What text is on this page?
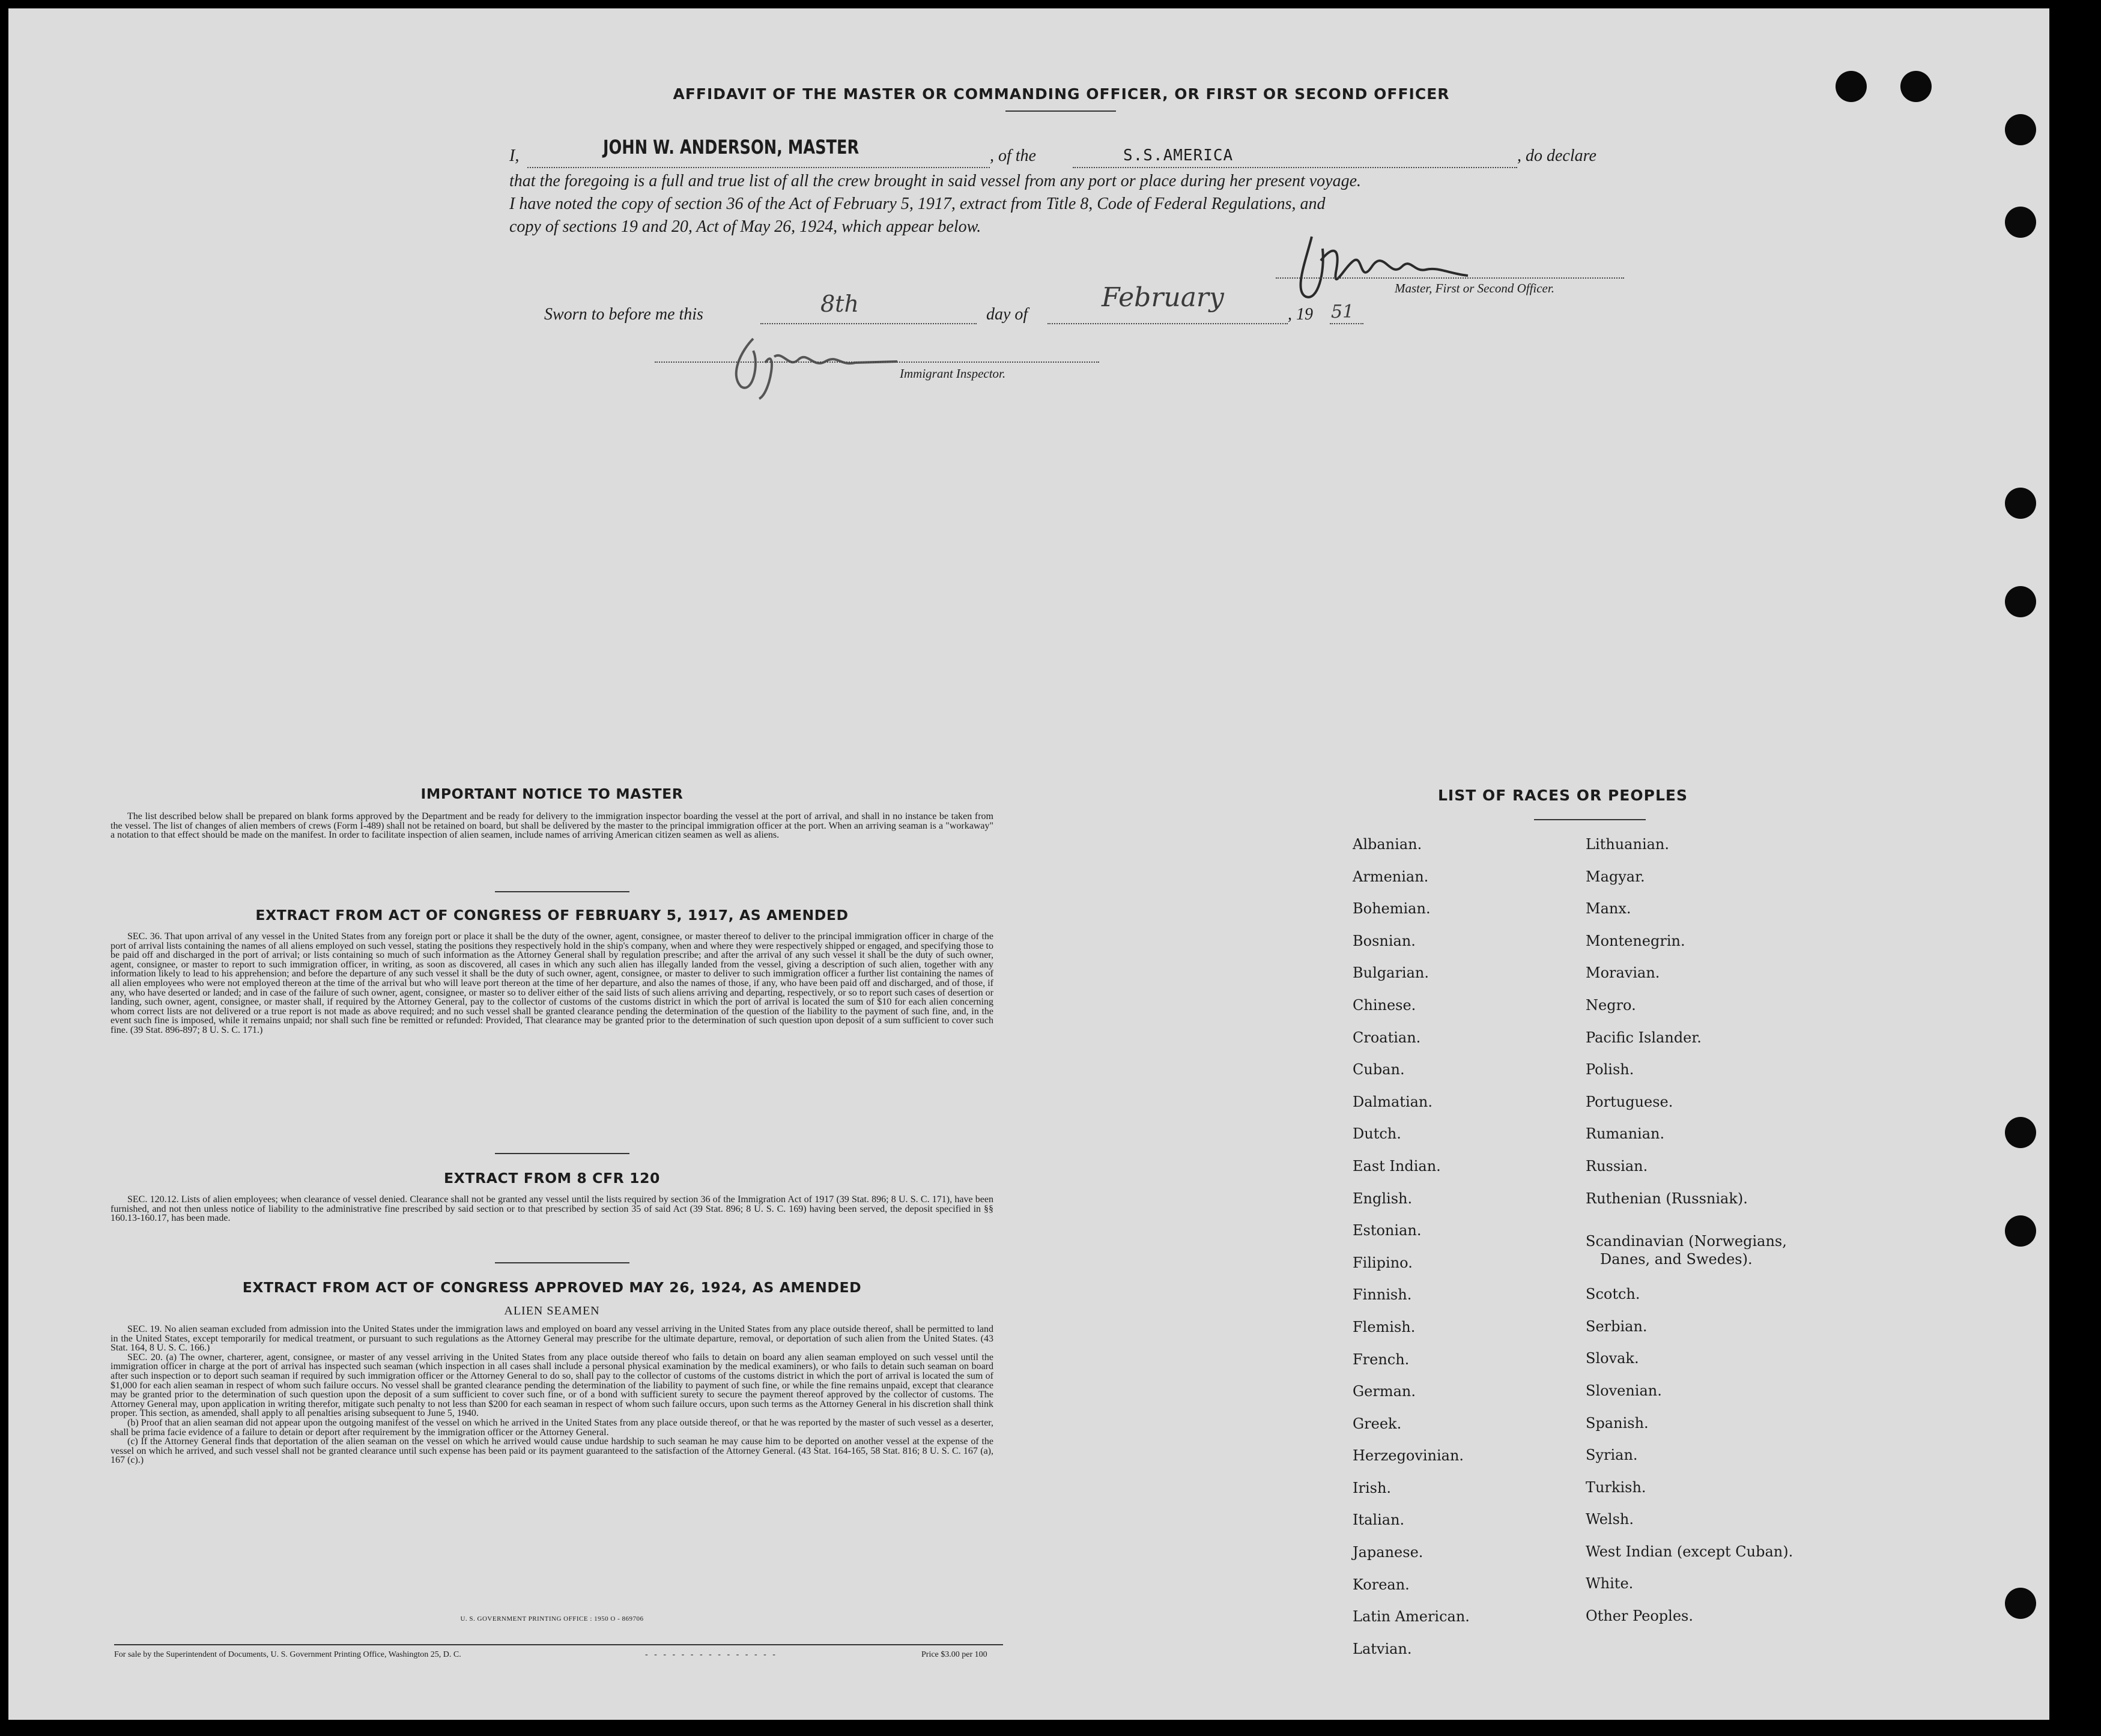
AFFIDAVIT OF THE MASTER OR COMMANDING OFFICER, OR FIRST OR SECOND OFFICER
I,	JOHN W. ANDERSON, MASTER	, of the	S.S.AMERICA	, do declare
that the foregoing is a full and true list of all the crew brought in said vessel from any port or place during her present voyage.
I have noted the copy of section 36 of the Act of February 5, 1917, extract from Title 8, Code of Federal Regulations, and
copy of sections 19 and 20, Act of May 26, 1924, which appear below.
Master, First or Second Officer.
Sworn to before me this	8th	day of
February
, 19 51
Immigrant Inspector.
IMPORTANT NOTICE TO MASTER

The list described below shall be prepared on blank forms approved by the Department and be ready for delivery to the immigration inspector boarding the vessel at the port of arrival, and shall in no instance be taken from the vessel. The list of changes of alien members of crews (Form I-489) shall not be retained on board, but shall be delivered by the master to the principal immigration officer at the port. When an arriving seaman is a "workaway" a notation to that effect should be made on the manifest. In order to facilitate inspection of alien seamen, include names of arriving American citizen seamen as well as aliens.

EXTRACT FROM ACT OF CONGRESS OF FEBRUARY 5, 1917, AS AMENDED

SEC. 36. That upon arrival of any vessel in the United States from any foreign port or place it shall be the duty of the owner, agent, consignee, or master thereof to deliver to the principal immigration officer in charge of the port of arrival lists containing the names of all aliens employed on such vessel, stating the positions they respectively hold in the ship's company, when and where they were respectively shipped or engaged, and specifying those to be paid off and discharged in the port of arrival; or lists containing so much of such information as the Attorney General shall by regulation prescribe; and after the arrival of any such vessel it shall be the duty of such owner, agent, consignee, or master to report to such immigration officer, in writing, as soon as discovered, all cases in which any such alien has illegally landed from the vessel, giving a description of such alien, together with any information likely to lead to his apprehension; and before the departure of any such vessel it shall be the duty of such owner, agent, consignee, or master to deliver to such immigration officer a further list containing the names of all alien employees who were not employed thereon at the time of the arrival but who will leave port thereon at the time of her departure, and also the names of those, if any, who have been paid off and discharged, and of those, if any, who have deserted or landed; and in case of the failure of such owner, agent, consignee, or master so to deliver either of the said lists of such aliens arriving and departing, respectively, or so to report such cases of desertion or landing, such owner, agent, consignee, or master shall, if required by the Attorney General, pay to the collector of customs of the customs district in which the port of arrival is located the sum of $10 for each alien concerning whom correct lists are not delivered or a true report is not made as above required; and no such vessel shall be granted clearance pending the determination of the question of the liability to the payment of such fine, and, in the event such fine is imposed, while it remains unpaid; nor shall such fine be remitted or refunded: Provided, That clearance may be granted prior to the determination of such question upon deposit of a sum sufficient to cover such fine. (39 Stat. 896-897; 8 U. S. C. 171.)

EXTRACT FROM 8 CFR 120

SEC. 120.12. Lists of alien employees; when clearance of vessel denied. Clearance shall not be granted any vessel until the lists required by section 36 of the Immigration Act of 1917 (39 Stat. 896; 8 U. S. C. 171), have been furnished, and not then unless notice of liability to the administrative fine prescribed by said section or to that prescribed by section 35 of said Act (39 Stat. 896; 8 U. S. C. 169) having been served, the deposit specified in §§ 160.13-160.17, has been made.

EXTRACT FROM ACT OF CONGRESS APPROVED MAY 26, 1924, AS AMENDED
ALIEN SEAMEN

SEC. 19. No alien seaman excluded from admission into the United States under the immigration laws and employed on board any vessel arriving in the United States from any place outside thereof, shall be permitted to land in the United States, except temporarily for medical treatment, or pursuant to such regulations as the Attorney General may prescribe for the ultimate departure, removal, or deportation of such alien from the United States. (43 Stat. 164, 8 U. S. C. 166.)

SEC. 20. (a) The owner, charterer, agent, consignee, or master of any vessel arriving in the United States from any place outside thereof who fails to detain on board any alien seaman employed on such vessel until the immigration officer in charge at the port of arrival has inspected such seaman (which inspection in all cases shall include a personal physical examination by the medical examiners), or who fails to detain such seaman on board after such inspection or to deport such seaman if required by such immigration officer or the Attorney General to do so, shall pay to the collector of customs of the customs district in which the port of arrival is located the sum of $1,000 for each alien seaman in respect of whom such failure occurs. No vessel shall be granted clearance pending the determination of the liability to payment of such fine, or while the fine remains unpaid, except that clearance may be granted prior to the determination of such question upon the deposit of a sum sufficient to cover such fine, or of a bond with sufficient surety to secure the payment thereof approved by the collector of customs. The Attorney General may, upon application in writing therefor, mitigate such penalty to not less than $200 for each seaman in respect of whom such failure occurs, upon such terms as the Attorney General in his discretion shall think proper. This section, as amended, shall apply to all penalties arising subsequent to June 5, 1940.

(b) Proof that an alien seaman did not appear upon the outgoing manifest of the vessel on which he arrived in the United States from any place outside thereof, or that he was reported by the master of such vessel as a deserter, shall be prima facie evidence of a failure to detain or deport after requirement by the immigration officer or the Attorney General.

(c) If the Attorney General finds that deportation of the alien seaman on the vessel on which he arrived would cause undue hardship to such seaman he may cause him to be deported on another vessel at the expense of the vessel on which he arrived, and such vessel shall not be granted clearance until such expense has been paid or its payment guaranteed to the satisfaction of the Attorney General. (43 Stat. 164-165, 58 Stat. 816; 8 U. S. C. 167 (a), 167 (c).)

U. S. GOVERNMENT PRINTING OFFICE : 1950 O - 869706
For sale by the Superintendent of Documents, U. S. Government Printing Office, Washington 25, D. C.	-   -   -   -   -   -   -   -   -   -   -   -   -   -   -	Price $3.00 per 100
LIST OF RACES OR PEOPLES
Albanian.
Armenian.
Bohemian.
Bosnian.
Bulgarian.
Chinese.
Croatian.
Cuban.
Dalmatian.
Dutch.
East Indian.
English.
Estonian.
Filipino.
Finnish.
Flemish.
French.
German.
Greek.
Herzegovinian.
Irish.
Italian.
Japanese.
Korean.
Latin American.
Latvian.
Lithuanian.
Magyar.
Manx.
Montenegrin.
Moravian.
Negro.
Pacific Islander.
Polish.
Portuguese.
Rumanian.
Russian.
Ruthenian (Russniak).
Scandinavian (Norwegians,
Danes, and Swedes).
Scotch.
Serbian.
Slovak.
Slovenian.
Spanish.
Syrian.
Turkish.
Welsh.
West Indian (except Cuban).
White.
Other Peoples.
